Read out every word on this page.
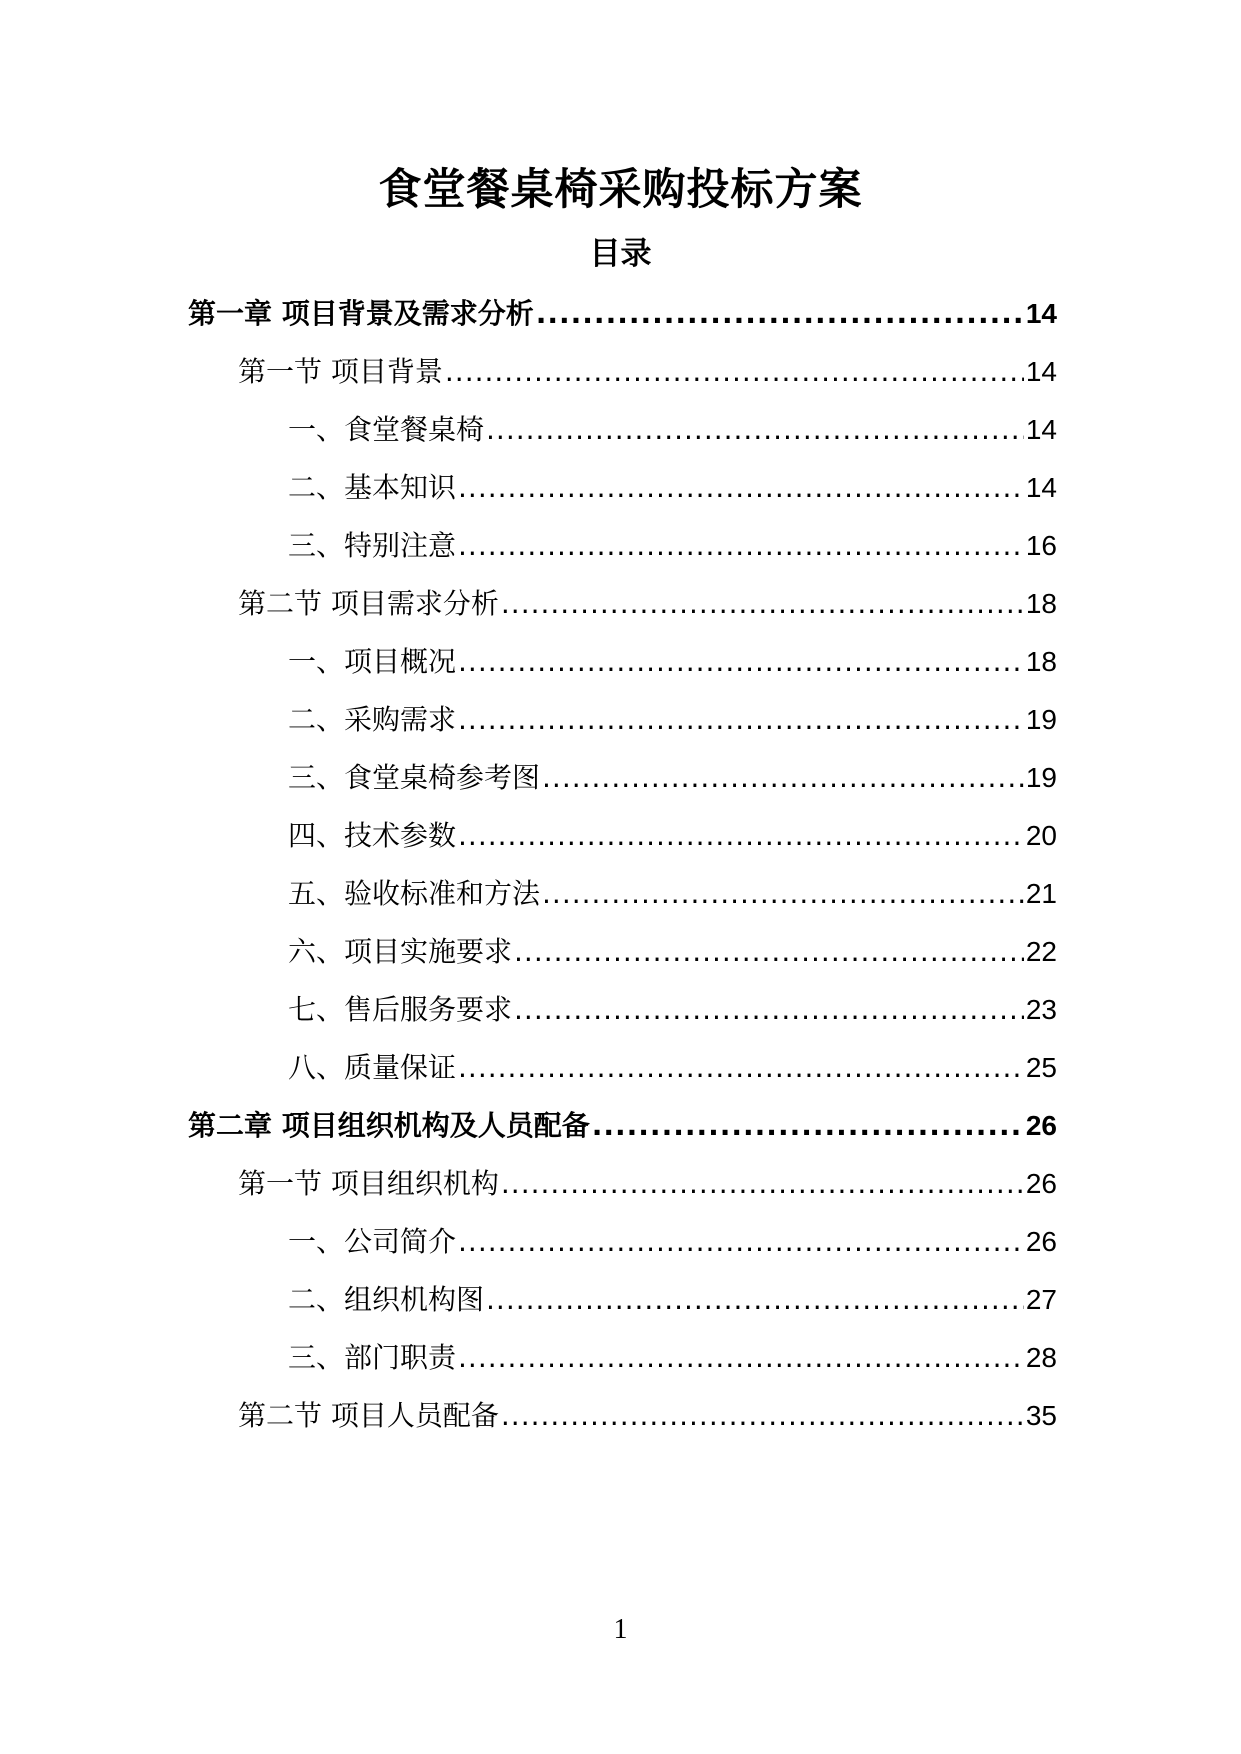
食堂餐桌椅采购投标方案
目录
第一章 项目背景及需求分析 .....	14
第一节 项目背景 .....	14
一、食堂餐桌椅 .....	14
二、基本知识 .....	14
三、特别注意 .....	16
第二节 项目需求分析 .....	18
一、项目概况 .....	18
二、采购需求 .....	19
三、食堂桌椅参考图 .....	19
四、技术参数 .....	20
五、验收标准和方法 .....	21
六、项目实施要求 .....	22
七、售后服务要求 .....	23
八、质量保证 .....	25
第二章 项目组织机构及人员配备 .....	26
第一节 项目组织机构 .....	26
一、公司简介 .....	26
二、组织机构图 .....	27
三、部门职责 .....	28
第二节 项目人员配备 .....	35
1
